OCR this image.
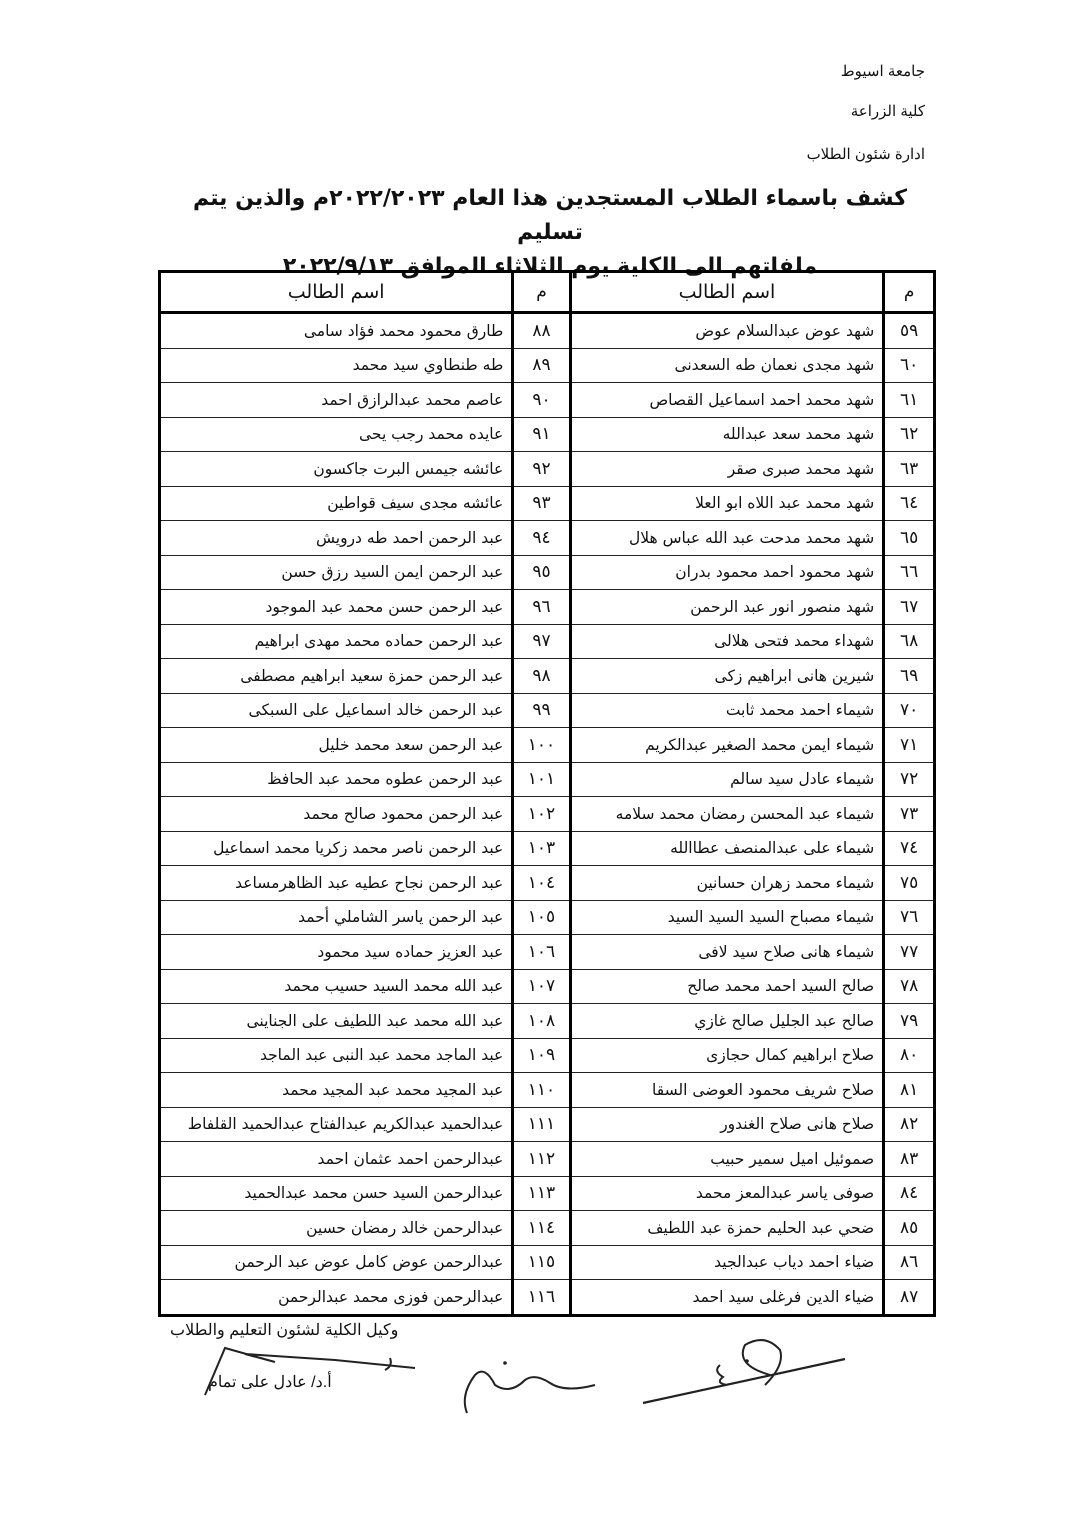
جامعة اسيوط
كلية الزراعة
ادارة شئون الطلاب
كشف باسماء الطلاب المستجدين هذا العام ٢٠٢٢/٢٠٢٣م والذين يتم تسليم
ملفاتهم الى الكلية يوم الثلاثاء الموافق ٢٠٢٢/٩/١٣
م	اسم الطالب	م	اسم الطالب
٥٩	شهد عوض عبدالسلام عوض	٨٨	طارق محمود محمد فؤاد سامى
٦٠	شهد مجدى نعمان طه السعدنى	٨٩	طه طنطاوي سيد محمد
٦١	شهد محمد احمد اسماعيل القصاص	٩٠	عاصم محمد عبدالرازق احمد
٦٢	شهد محمد سعد عبدالله	٩١	عايده محمد رجب يحى
٦٣	شهد محمد صبرى صقر	٩٢	عائشه جيمس البرت جاكسون
٦٤	شهد محمد عبد اللاه ابو العلا	٩٣	عائشه مجدى سيف قواطين
٦٥	شهد محمد مدحت عبد الله عباس هلال	٩٤	عبد الرحمن احمد طه درويش
٦٦	شهد محمود احمد محمود بدران	٩٥	عبد الرحمن ايمن السيد رزق حسن
٦٧	شهد منصور انور عبد الرحمن	٩٦	عبد الرحمن حسن محمد عبد الموجود
٦٨	شهداء محمد فتحى هلالى	٩٧	عبد الرحمن حماده محمد مهدى ابراهيم
٦٩	شيرين هانى ابراهيم زكى	٩٨	عبد الرحمن حمزة سعيد ابراهيم مصطفى
٧٠	شيماء احمد محمد ثابت	٩٩	عبد الرحمن خالد اسماعيل على السبكى
٧١	شيماء ايمن محمد الصغير عبدالكريم	١٠٠	عبد الرحمن سعد محمد خليل
٧٢	شيماء عادل سيد سالم	١٠١	عبد الرحمن عطوه محمد عبد الحافظ
٧٣	شيماء عبد المحسن رمضان محمد سلامه	١٠٢	عبد الرحمن محمود صالح محمد
٧٤	شيماء على عبدالمنصف عطاالله	١٠٣	عبد الرحمن ناصر محمد زكريا محمد اسماعيل
٧٥	شيماء محمد زهران حسانين	١٠٤	عبد الرحمن نجاح عطيه عبد الظاهرمساعد
٧٦	شيماء مصباح السيد السيد السيد	١٠٥	عبد الرحمن ياسر الشاملي أحمد
٧٧	شيماء هانى صلاح سيد لافى	١٠٦	عبد العزيز حماده سيد محمود
٧٨	صالح السيد احمد محمد صالح	١٠٧	عبد الله محمد السيد حسيب محمد
٧٩	صالح عبد الجليل صالح غازي	١٠٨	عبد الله محمد عبد اللطيف على الجناينى
٨٠	صلاح ابراهيم كمال حجازى	١٠٩	عبد الماجد محمد عبد النبى عبد الماجد
٨١	صلاح شريف محمود العوضى السقا	١١٠	عبد المجيد محمد عبد المجيد محمد
٨٢	صلاح هانى صلاح الغندور	١١١	عبدالحميد عبدالكريم عبدالفتاح عبدالحميد القلفاط
٨٣	صموئيل اميل سمير حبيب	١١٢	عبدالرحمن احمد عثمان احمد
٨٤	صوفى ياسر عبدالمعز محمد	١١٣	عبدالرحمن السيد حسن محمد عبدالحميد
٨٥	ضحي عبد الحليم حمزة عبد اللطيف	١١٤	عبدالرحمن خالد رمضان حسين
٨٦	ضياء احمد دياب عبدالجيد	١١٥	عبدالرحمن عوض كامل عوض عبد الرحمن
٨٧	ضياء الدين فرغلى سيد احمد	١١٦	عبدالرحمن فوزى محمد عبدالرحمن
وكيل الكلية لشئون التعليم والطلاب
أ.د/ عادل على تمام
